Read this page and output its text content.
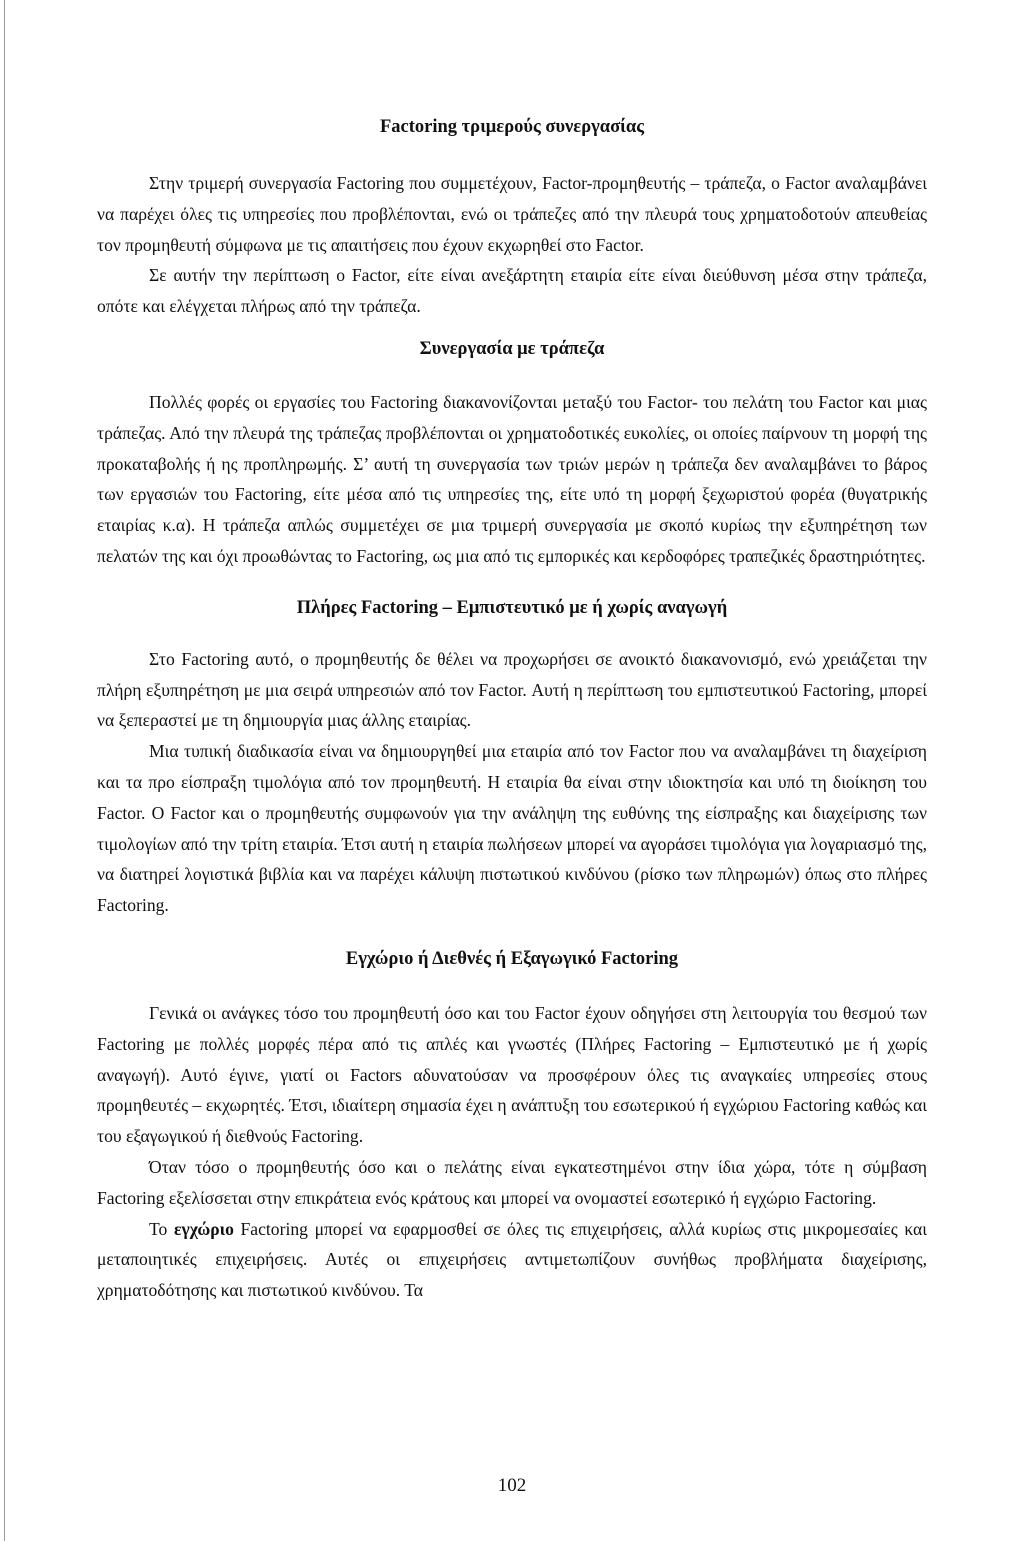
Factoring τριμερούς συνεργασίας

Στην τριμερή συνεργασία Factoring που συμμετέχουν, Factor-προμηθευτής – τράπεζα, ο Factor αναλαμβάνει να παρέχει όλες τις υπηρεσίες που προβλέπονται, ενώ οι τράπεζες από την πλευρά τους χρηματοδοτούν απευθείας τον προμηθευτή σύμφωνα με τις απαιτήσεις που έχουν εκχωρηθεί στο Factor.

Σε αυτήν την περίπτωση ο Factor, είτε είναι ανεξάρτητη εταιρία είτε είναι διεύθυνση μέσα στην τράπεζα, οπότε και ελέγχεται πλήρως από την τράπεζα.

Συνεργασία με τράπεζα

Πολλές φορές οι εργασίες του Factoring διακανονίζονται μεταξύ του Factor- του πελάτη του Factor και μιας τράπεζας. Από την πλευρά της τράπεζας προβλέπονται οι χρηματοδοτικές ευκολίες, οι οποίες παίρνουν τη μορφή της προκαταβολής ή ης προπληρωμής. Σ’ αυτή τη συνεργασία των τριών μερών η τράπεζα δεν αναλαμβάνει το βάρος των εργασιών του Factoring, είτε μέσα από τις υπηρεσίες της, είτε υπό τη μορφή ξεχωριστού φορέα (θυγατρικής εταιρίας κ.α). Η τράπεζα απλώς συμμετέχει σε μια τριμερή συνεργασία με σκοπό κυρίως την εξυπηρέτηση των πελατών της και όχι προωθώντας το Factoring, ως μια από τις εμπορικές και κερδοφόρες τραπεζικές δραστηριότητες.

Πλήρες Factoring – Εμπιστευτικό με ή χωρίς αναγωγή

Στο Factoring αυτό, ο προμηθευτής δε θέλει να προχωρήσει σε ανοικτό διακανονισμό, ενώ χρειάζεται την πλήρη εξυπηρέτηση με μια σειρά υπηρεσιών από τον Factor. Αυτή η περίπτωση του εμπιστευτικού Factoring, μπορεί να ξεπεραστεί με τη δημιουργία μιας άλλης εταιρίας.

Μια τυπική διαδικασία είναι να δημιουργηθεί μια εταιρία από τον Factor που να αναλαμβάνει τη διαχείριση και τα προ είσπραξη τιμολόγια από τον προμηθευτή. Η εταιρία θα είναι στην ιδιοκτησία και υπό τη διοίκηση του Factor. Ο Factor και ο προμηθευτής συμφωνούν για την ανάληψη της ευθύνης της είσπραξης και διαχείρισης των τιμολογίων από την τρίτη εταιρία. Έτσι αυτή η εταιρία πωλήσεων μπορεί να αγοράσει τιμολόγια για λογαριασμό της, να διατηρεί λογιστικά βιβλία και να παρέχει κάλυψη πιστωτικού κινδύνου (ρίσκο των πληρωμών) όπως στο πλήρες Factoring.

Εγχώριο ή Διεθνές ή Εξαγωγικό Factoring

Γενικά οι ανάγκες τόσο του προμηθευτή όσο και του Factor έχουν οδηγήσει στη λειτουργία του θεσμού των Factoring με πολλές μορφές πέρα από τις απλές και γνωστές (Πλήρες Factoring – Εμπιστευτικό με ή χωρίς αναγωγή). Αυτό έγινε, γιατί οι Factors αδυνατούσαν να προσφέρουν όλες τις αναγκαίες υπηρεσίες στους προμηθευτές – εκχωρητές. Έτσι, ιδιαίτερη σημασία έχει η ανάπτυξη του εσωτερικού ή εγχώριου Factoring καθώς και του εξαγωγικού ή διεθνούς Factoring.

Όταν τόσο ο προμηθευτής όσο και ο πελάτης είναι εγκατεστημένοι στην ίδια χώρα, τότε η σύμβαση Factoring εξελίσσεται στην επικράτεια ενός κράτους και μπορεί να ονομαστεί εσωτερικό ή εγχώριο Factoring.

Το εγχώριο Factoring μπορεί να εφαρμοσθεί σε όλες τις επιχειρήσεις, αλλά κυρίως στις μικρομεσαίες και μεταποιητικές επιχειρήσεις. Αυτές οι επιχειρήσεις αντιμετωπίζουν συνήθως προβλήματα διαχείρισης, χρηματοδότησης και πιστωτικού κινδύνου. Τα

102
